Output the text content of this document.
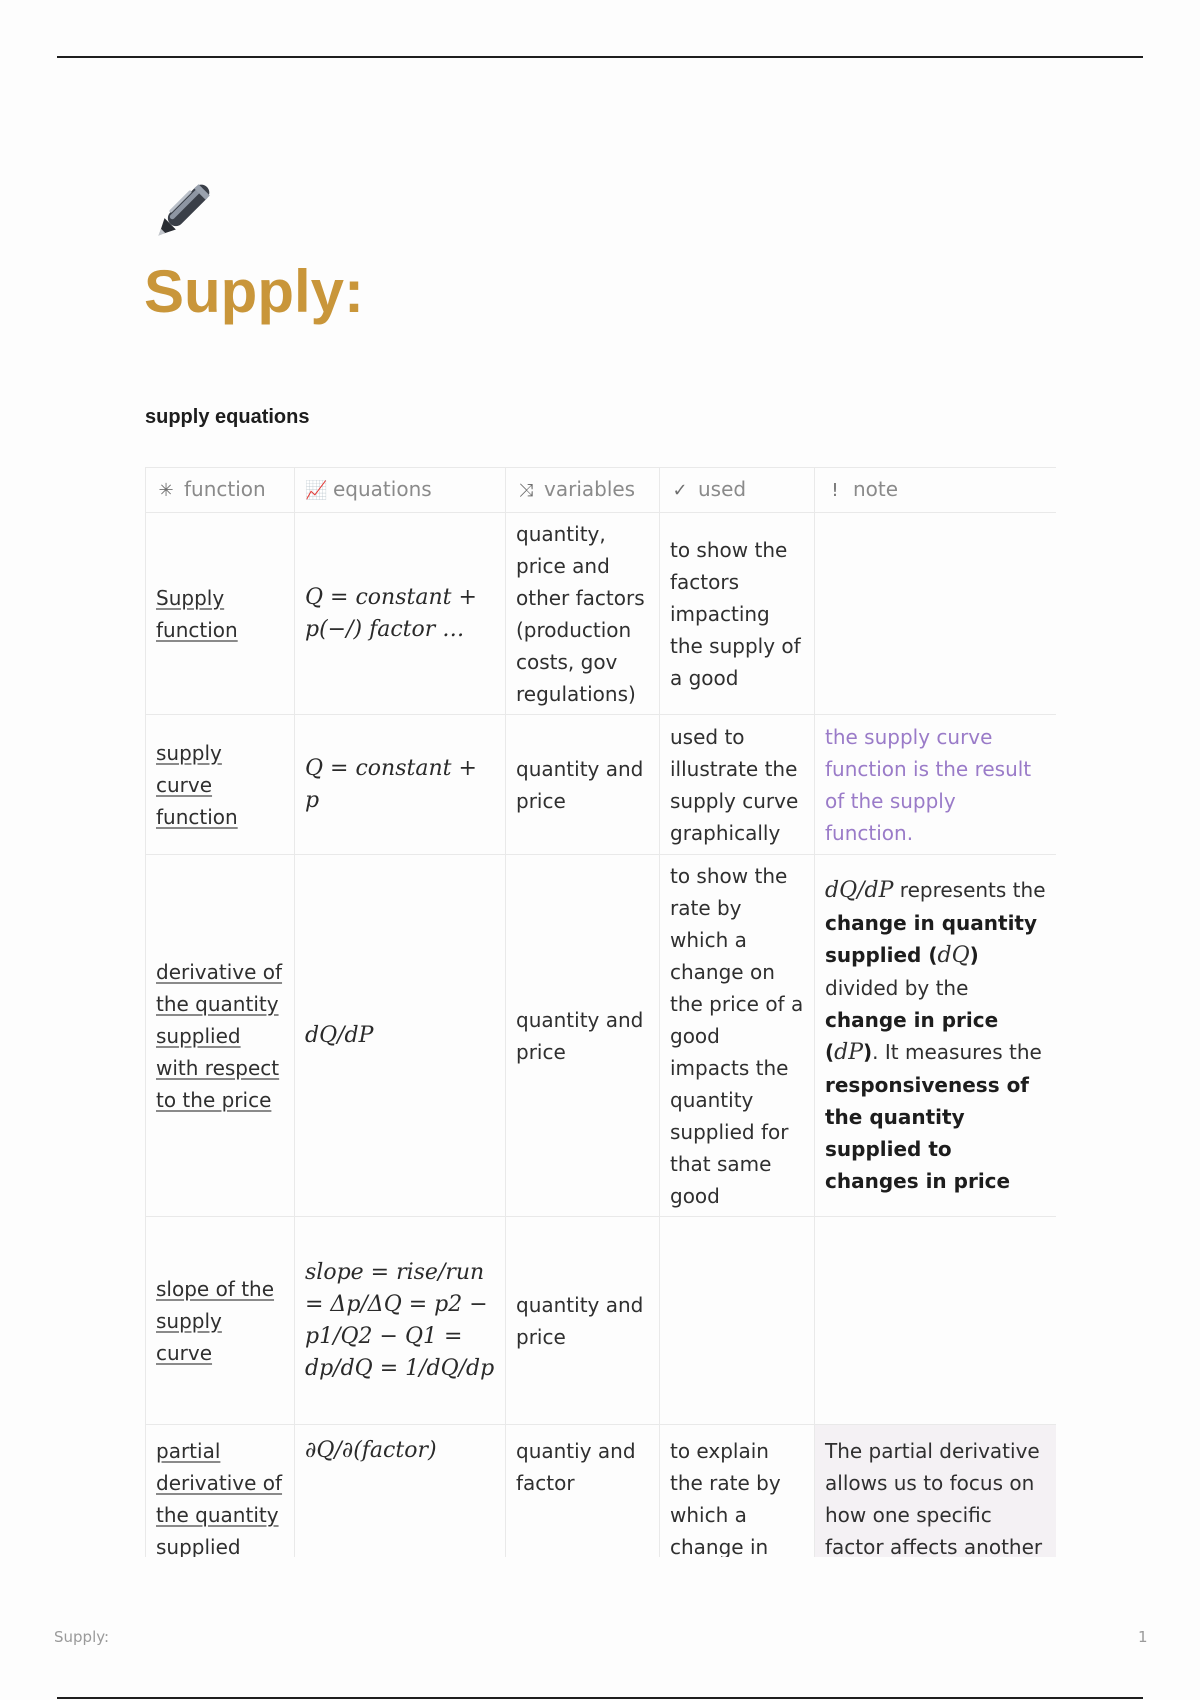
Supply:
supply equations
✳ function	📈 equations	⤨ variables	✓ used	! note
Supply function	Q = constant + p(−/) factor …	quantity, price and other factors (production costs, gov regulations)	to show the factors impacting the supply of a good	
supply curve function	Q = constant + p	quantity and price	used to illustrate the supply curve graphically	the supply curve function is the result of the supply function.
derivative of the quantity supplied with respect to the price	dQ/dP	quantity and price	to show the rate by which a change on the price of a good impacts the quantity supplied for that same good	dQ/dP represents the change in quantity supplied (dQ) divided by the change in price (dP). It measures the responsiveness of the quantity supplied to changes in price
slope of the supply curve	slope = rise/run = Δp/ΔQ = p2 − p1/Q2 − Q1 = dp/dQ = 1/dQ/dp	quantity and price		
partial derivative of the quantity supplied	∂Q/∂(factor)	quantiy and factor	to explain the rate by which a change in	The partial derivative allows us to focus on how one specific factor affects another
Supply:	1
